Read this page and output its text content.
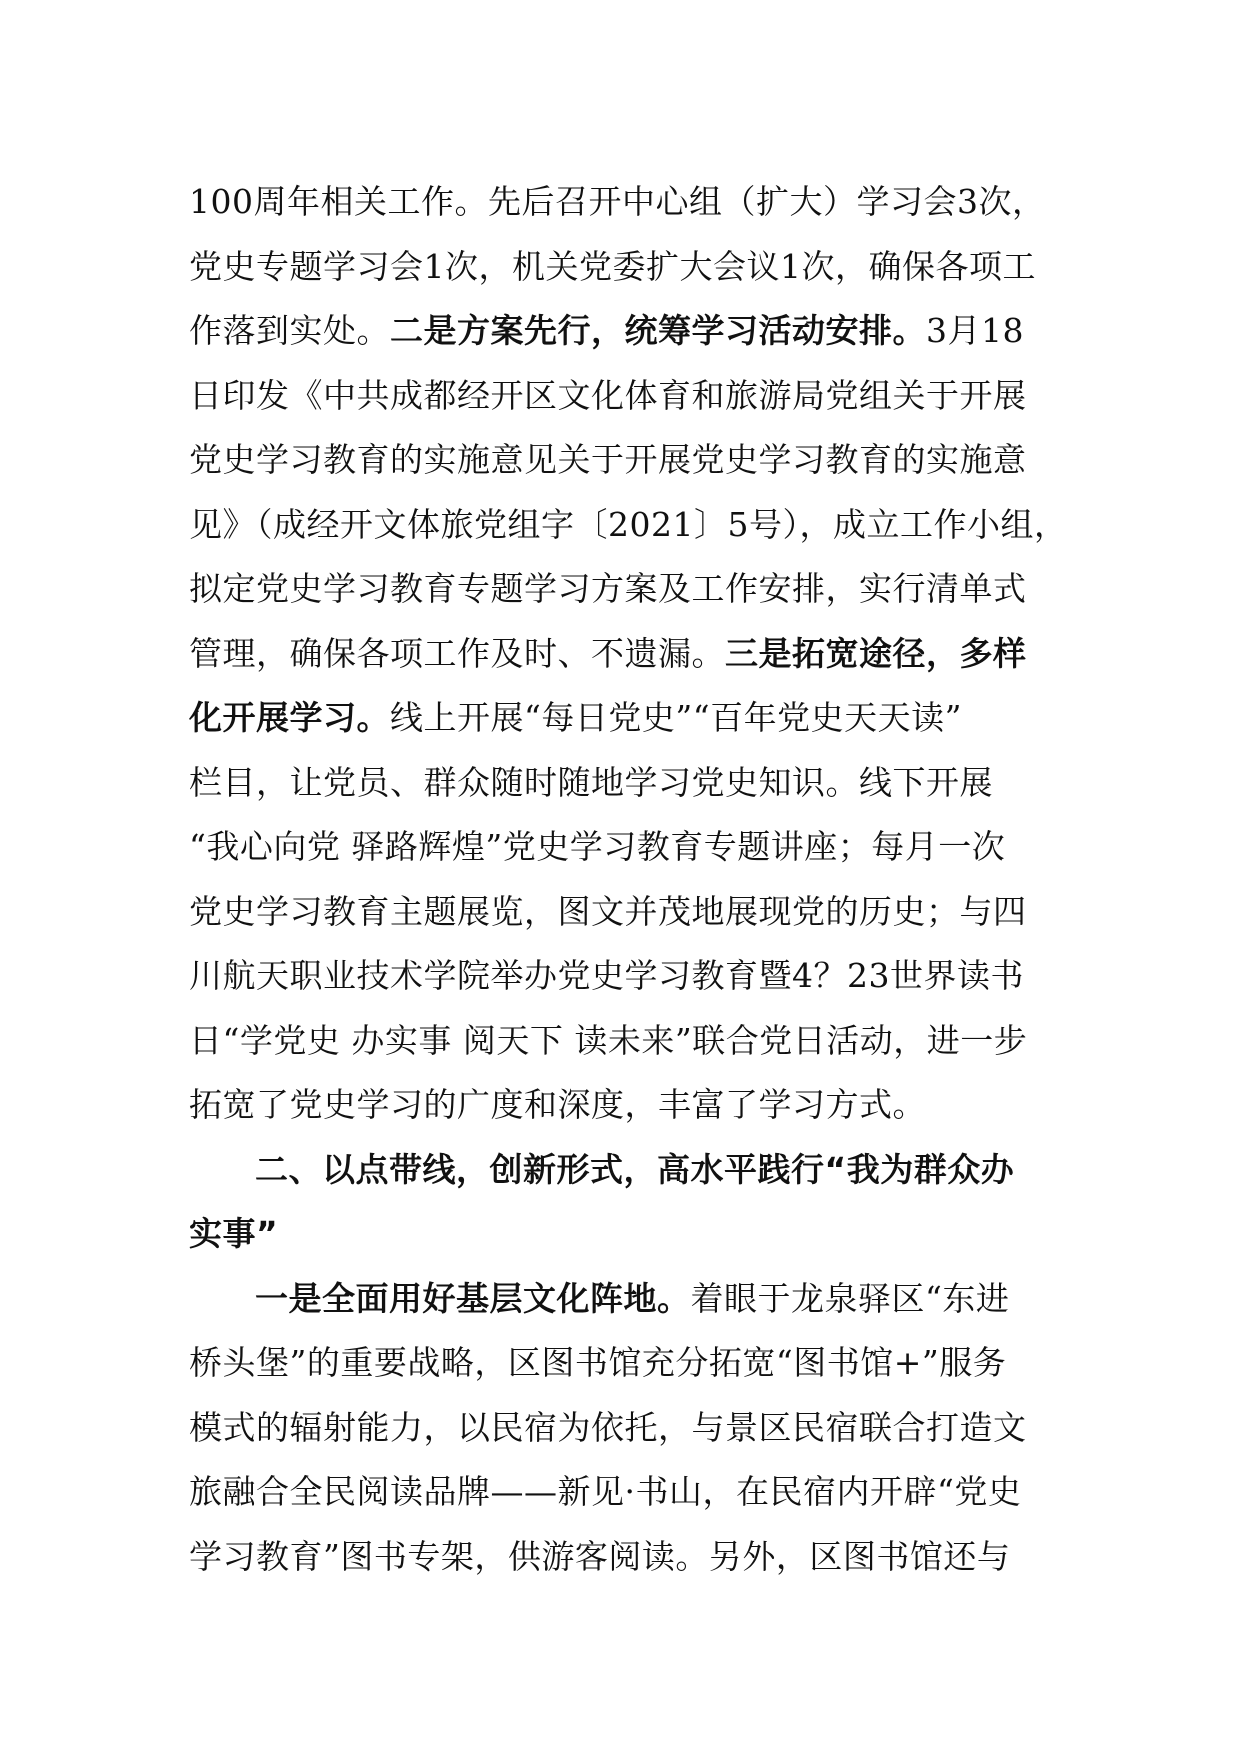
100周年相关工作。先后召开中心组（扩大）学习会3次，
党史专题学习会1次，机关党委扩大会议1次，确保各项工
作落到实处。二是方案先行，统筹学习活动安排。3月18
日印发《中共成都经开区文化体育和旅游局党组关于开展
党史学习教育的实施意见关于开展党史学习教育的实施意
见》（成经开文体旅党组字〔2021〕5号），成立工作小组，
拟定党史学习教育专题学习方案及工作安排，实行清单式
管理，确保各项工作及时、不遗漏。三是拓宽途径，多样
化开展学习。线上开展“每日党史”“百年党史天天读”
栏目，让党员、群众随时随地学习党史知识。线下开展
“我心向党 驿路辉煌”党史学习教育专题讲座；每月一次
党史学习教育主题展览，图文并茂地展现党的历史；与四
川航天职业技术学院举办党史学习教育暨4？23世界读书
日“学党史 办实事 阅天下 读未来”联合党日活动，进一步
拓宽了党史学习的广度和深度，丰富了学习方式。
二、以点带线，创新形式，高水平践行“我为群众办
实事”
一是全面用好基层文化阵地。着眼于龙泉驿区“东进
桥头堡”的重要战略，区图书馆充分拓宽“图书馆+”服务
模式的辐射能力，以民宿为依托，与景区民宿联合打造文
旅融合全民阅读品牌——新见·书山，在民宿内开辟“党史
学习教育”图书专架，供游客阅读。另外，区图书馆还与
